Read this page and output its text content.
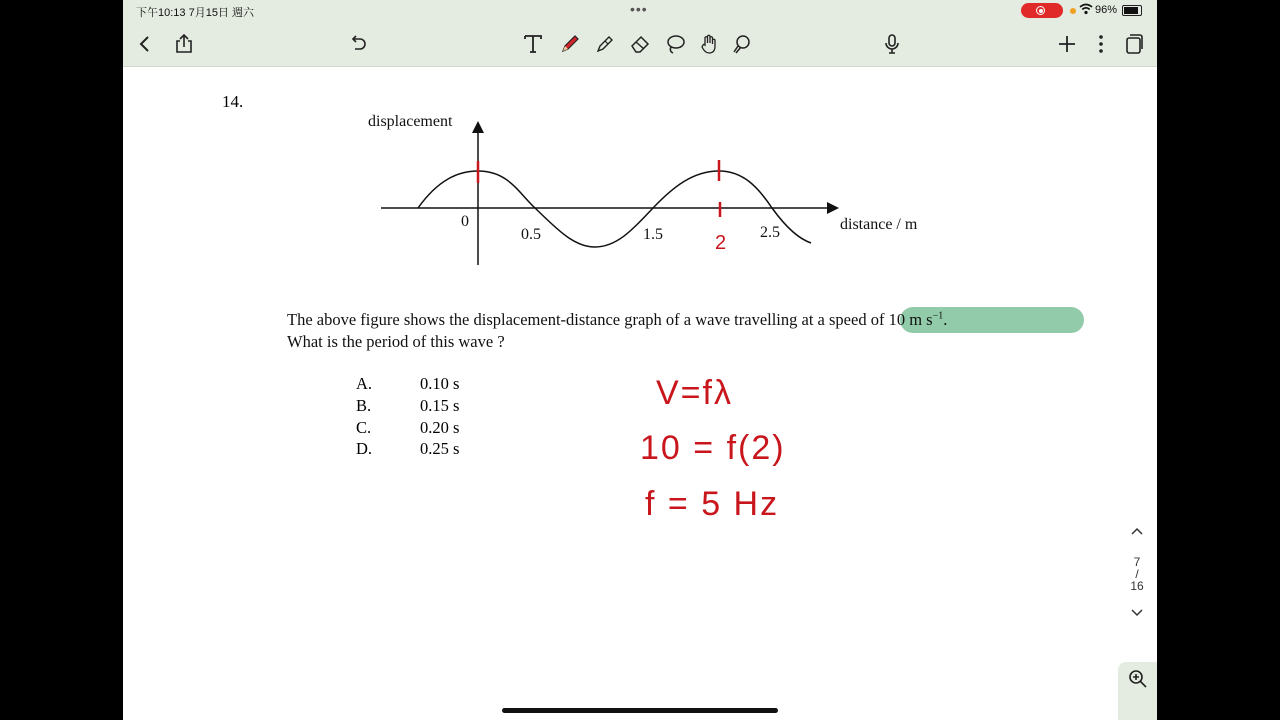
下午10:13 7月15日 週六	•••	96%
14.
displacement
0
0.5	1.5	2.5	distance / m
2
The above figure shows the displacement-distance graph of a wave travelling at a speed of 10 m $s^{-1}$.
What is the period of this wave ?
A.	0.10 s
B.	0.15 s
C.	0.20 s
D.	0.25 s
V=fλ
10 = f(2)
f = 5 Hz
7
/
16
